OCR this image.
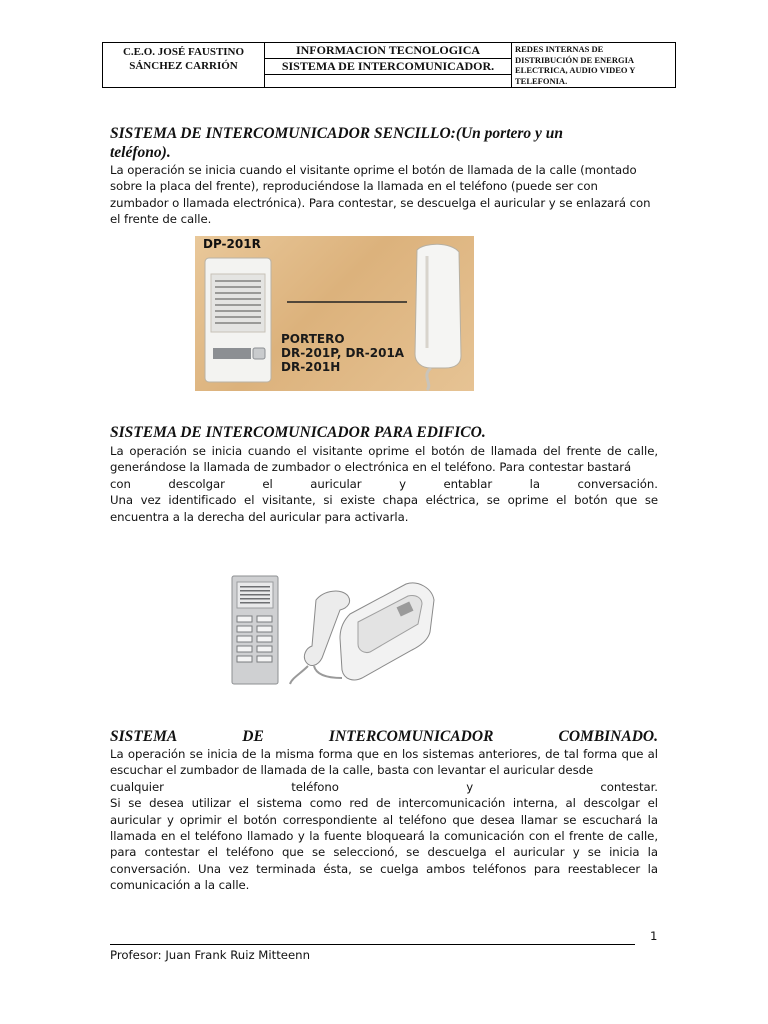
C.E.O. JOSÉ FAUSTINO
SÁNCHEZ CARRIÓN
INFORMACION TECNOLOGICA
SISTEMA DE INTERCOMUNICADOR.
REDES INTERNAS DE
DISTRIBUCIÓN DE ENERGIA
ELECTRICA, AUDIO VIDEO Y
TELEFONIA.
SISTEMA DE INTERCOMUNICADOR SENCILLO:(Un portero y un
teléfono).

La operación se inicia cuando el visitante oprime el botón de llamada de la calle (montado sobre la placa del frente), reproduciéndose la llamada en el teléfono (puede ser con zumbador o llamada electrónica). Para contestar, se descuelga el auricular y se enlazará con el frente de calle.

DP-201R
PORTERO
DR-201P, DR-201A
DR-201H
SISTEMA DE INTERCOMUNICADOR PARA EDIFICO.
La operación se inicia cuando el visitante oprime el botón de llamada del frente de calle, generándose la llamada de zumbador o electrónica en el teléfono. Para contestar bastará
con	descolgar	el	auricular	y	entablar	la	conversación.
Una vez identificado el visitante, si existe chapa eléctrica, se oprime el botón que se encuentra a la derecha del auricular para activarla.
SISTEMA	DE	INTERCOMUNICADOR	COMBINADO.
La operación se inicia de la misma forma que en los sistemas anteriores, de tal forma que al escuchar el zumbador de llamada de la calle, basta con levantar el auricular desde
cualquier	teléfono	y	contestar.
Si se desea utilizar el sistema como red de intercomunicación interna, al descolgar el auricular y oprimir el botón correspondiente al teléfono que desea llamar se escuchará la llamada en el teléfono llamado y la fuente bloqueará la comunicación con el frente de calle, para contestar el teléfono que se seleccionó, se descuelga el auricular y se inicia la conversación. Una vez terminada ésta, se cuelga ambos teléfonos para reestablecer la comunicación a la calle.
1
Profesor: Juan Frank Ruiz Mitteenn
